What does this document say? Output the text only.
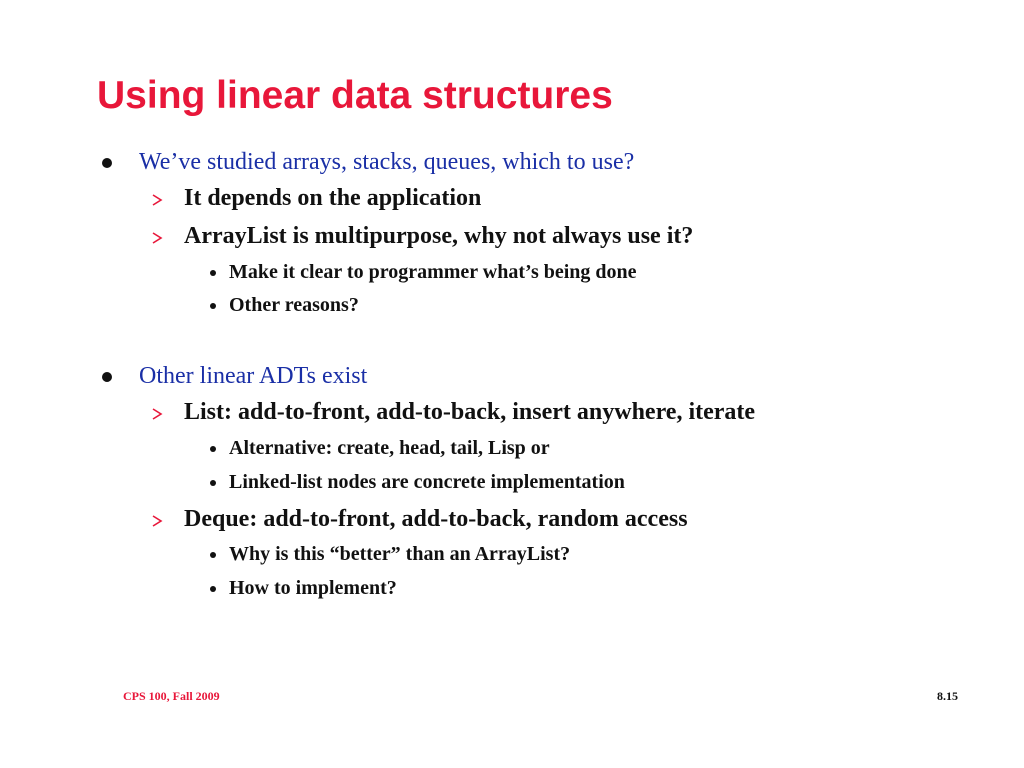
Using linear data structures
We’ve studied arrays, stacks, queues, which to use?
It depends on the application
ArrayList is multipurpose, why not always use it?
Make it clear to programmer what’s being done
Other reasons?
Other linear ADTs exist
List: add-to-front, add-to-back, insert anywhere, iterate
Alternative: create, head, tail, Lisp or
Linked-list nodes are concrete implementation
Deque: add-to-front, add-to-back, random access
Why is this “better” than an ArrayList?
How to implement?
CPS 100, Fall 2009	8.15
